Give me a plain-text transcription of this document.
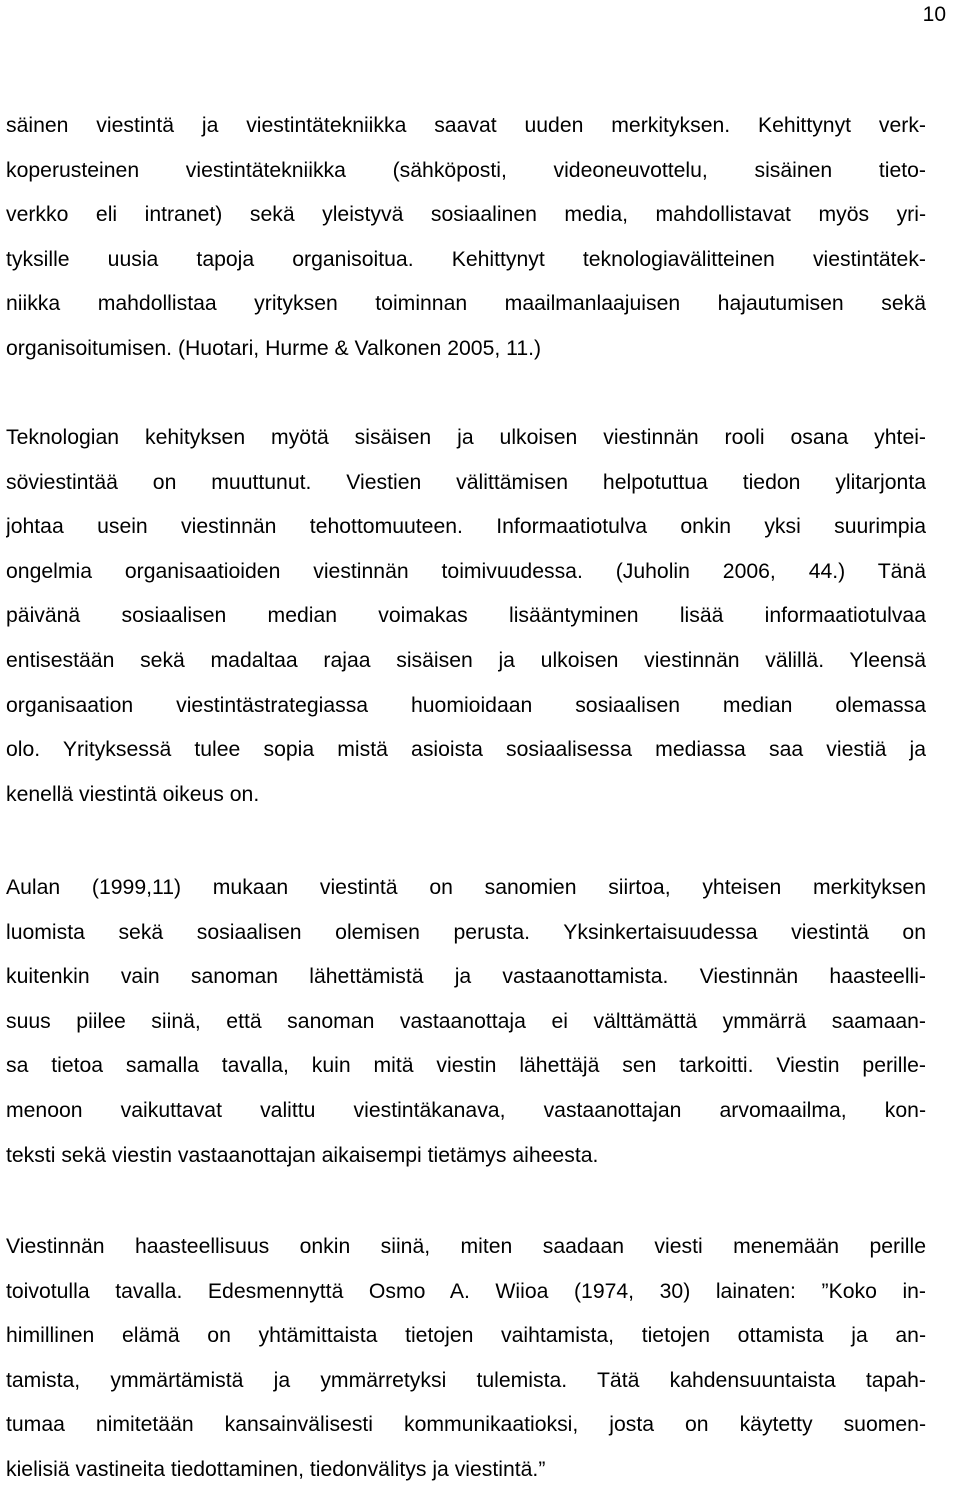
10
säinen viestintä ja viestintätekniikka saavat uuden merkityksen. Kehittynyt verk-
koperusteinen viestintätekniikka (sähköposti, videoneuvottelu, sisäinen tieto-
verkko eli intranet) sekä yleistyvä sosiaalinen media, mahdollistavat myös yri-
tyksille uusia tapoja organisoitua. Kehittynyt teknologiavälitteinen viestintätek-
niikka mahdollistaa yrityksen toiminnan maailmanlaajuisen hajautumisen sekä
organisoitumisen. (Huotari, Hurme & Valkonen 2005, 11.)
Teknologian kehityksen myötä sisäisen ja ulkoisen viestinnän rooli osana yhtei-
söviestintää on muuttunut. Viestien välittämisen helpotuttua tiedon ylitarjonta
johtaa usein viestinnän tehottomuuteen. Informaatiotulva onkin yksi suurimpia
ongelmia organisaatioiden viestinnän toimivuudessa. (Juholin 2006, 44.) Tänä
päivänä sosiaalisen median voimakas lisääntyminen lisää informaatiotulvaa
entisestään sekä madaltaa rajaa sisäisen ja ulkoisen viestinnän välillä. Yleensä
organisaation viestintästrategiassa huomioidaan sosiaalisen median olemassa
olo. Yrityksessä tulee sopia mistä asioista sosiaalisessa mediassa saa viestiä ja
kenellä viestintä oikeus on.
Aulan (1999,11) mukaan viestintä on sanomien siirtoa, yhteisen merkityksen
luomista sekä sosiaalisen olemisen perusta. Yksinkertaisuudessa viestintä on
kuitenkin vain sanoman lähettämistä ja vastaanottamista. Viestinnän haasteelli-
suus piilee siinä, että sanoman vastaanottaja ei välttämättä ymmärrä saamaan-
sa tietoa samalla tavalla, kuin mitä viestin lähettäjä sen tarkoitti. Viestin perille-
menoon vaikuttavat valittu viestintäkanava, vastaanottajan arvomaailma, kon-
teksti sekä viestin vastaanottajan aikaisempi tietämys aiheesta.
Viestinnän haasteellisuus onkin siinä, miten saadaan viesti menemään perille
toivotulla tavalla. Edesmennyttä Osmo A. Wiioa (1974, 30) lainaten: ”Koko in-
himillinen elämä on yhtämittaista tietojen vaihtamista, tietojen ottamista ja an-
tamista, ymmärtämistä ja ymmärretyksi tulemista. Tätä kahdensuuntaista tapah-
tumaa nimitetään kansainvälisesti kommunikaatioksi, josta on käytetty suomen-
kielisiä vastineita tiedottaminen, tiedonvälitys ja viestintä.”
